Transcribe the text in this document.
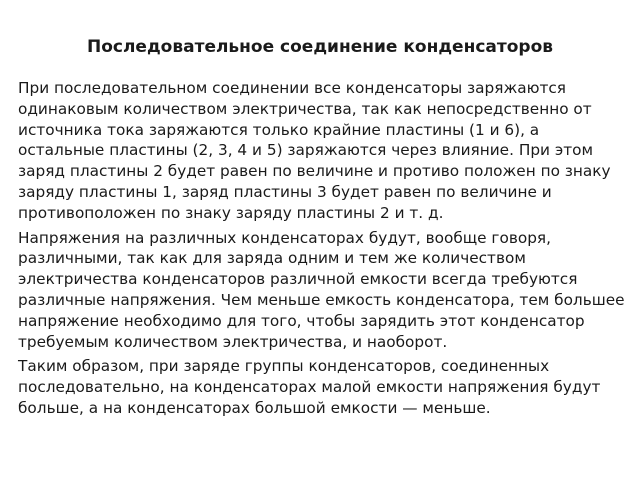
Последовательное соединение конденсаторов

При последовательном соединении все конденсаторы заряжаются одинаковым количеством электричества, так как непосредственно от источника тока заряжаются только крайние пластины (1 и 6), а остальные пластины (2, 3, 4 и 5) заряжаются через влияние. При этом заряд пластины 2 будет равен по величине и противо положен по знаку заряду пластины 1, заряд пластины 3 будет равен по величине и противоположен по знаку заряду пластины 2 и т. д.

Напряжения на различных конденсаторах будут, вообще говоря, различными, так как для заряда одним и тем же количеством электричества конденсаторов различной емкости всегда требуются различные напряжения. Чем меньше емкость конденсатора, тем большее напряжение необходимо для того, чтобы зарядить этот конденсатор требуемым количеством электричества, и наоборот.

Таким образом, при заряде группы конденсаторов, соединенных последовательно, на конденсаторах малой емкости напряжения будут больше, а на конденсаторах большой емкости — меньше.
